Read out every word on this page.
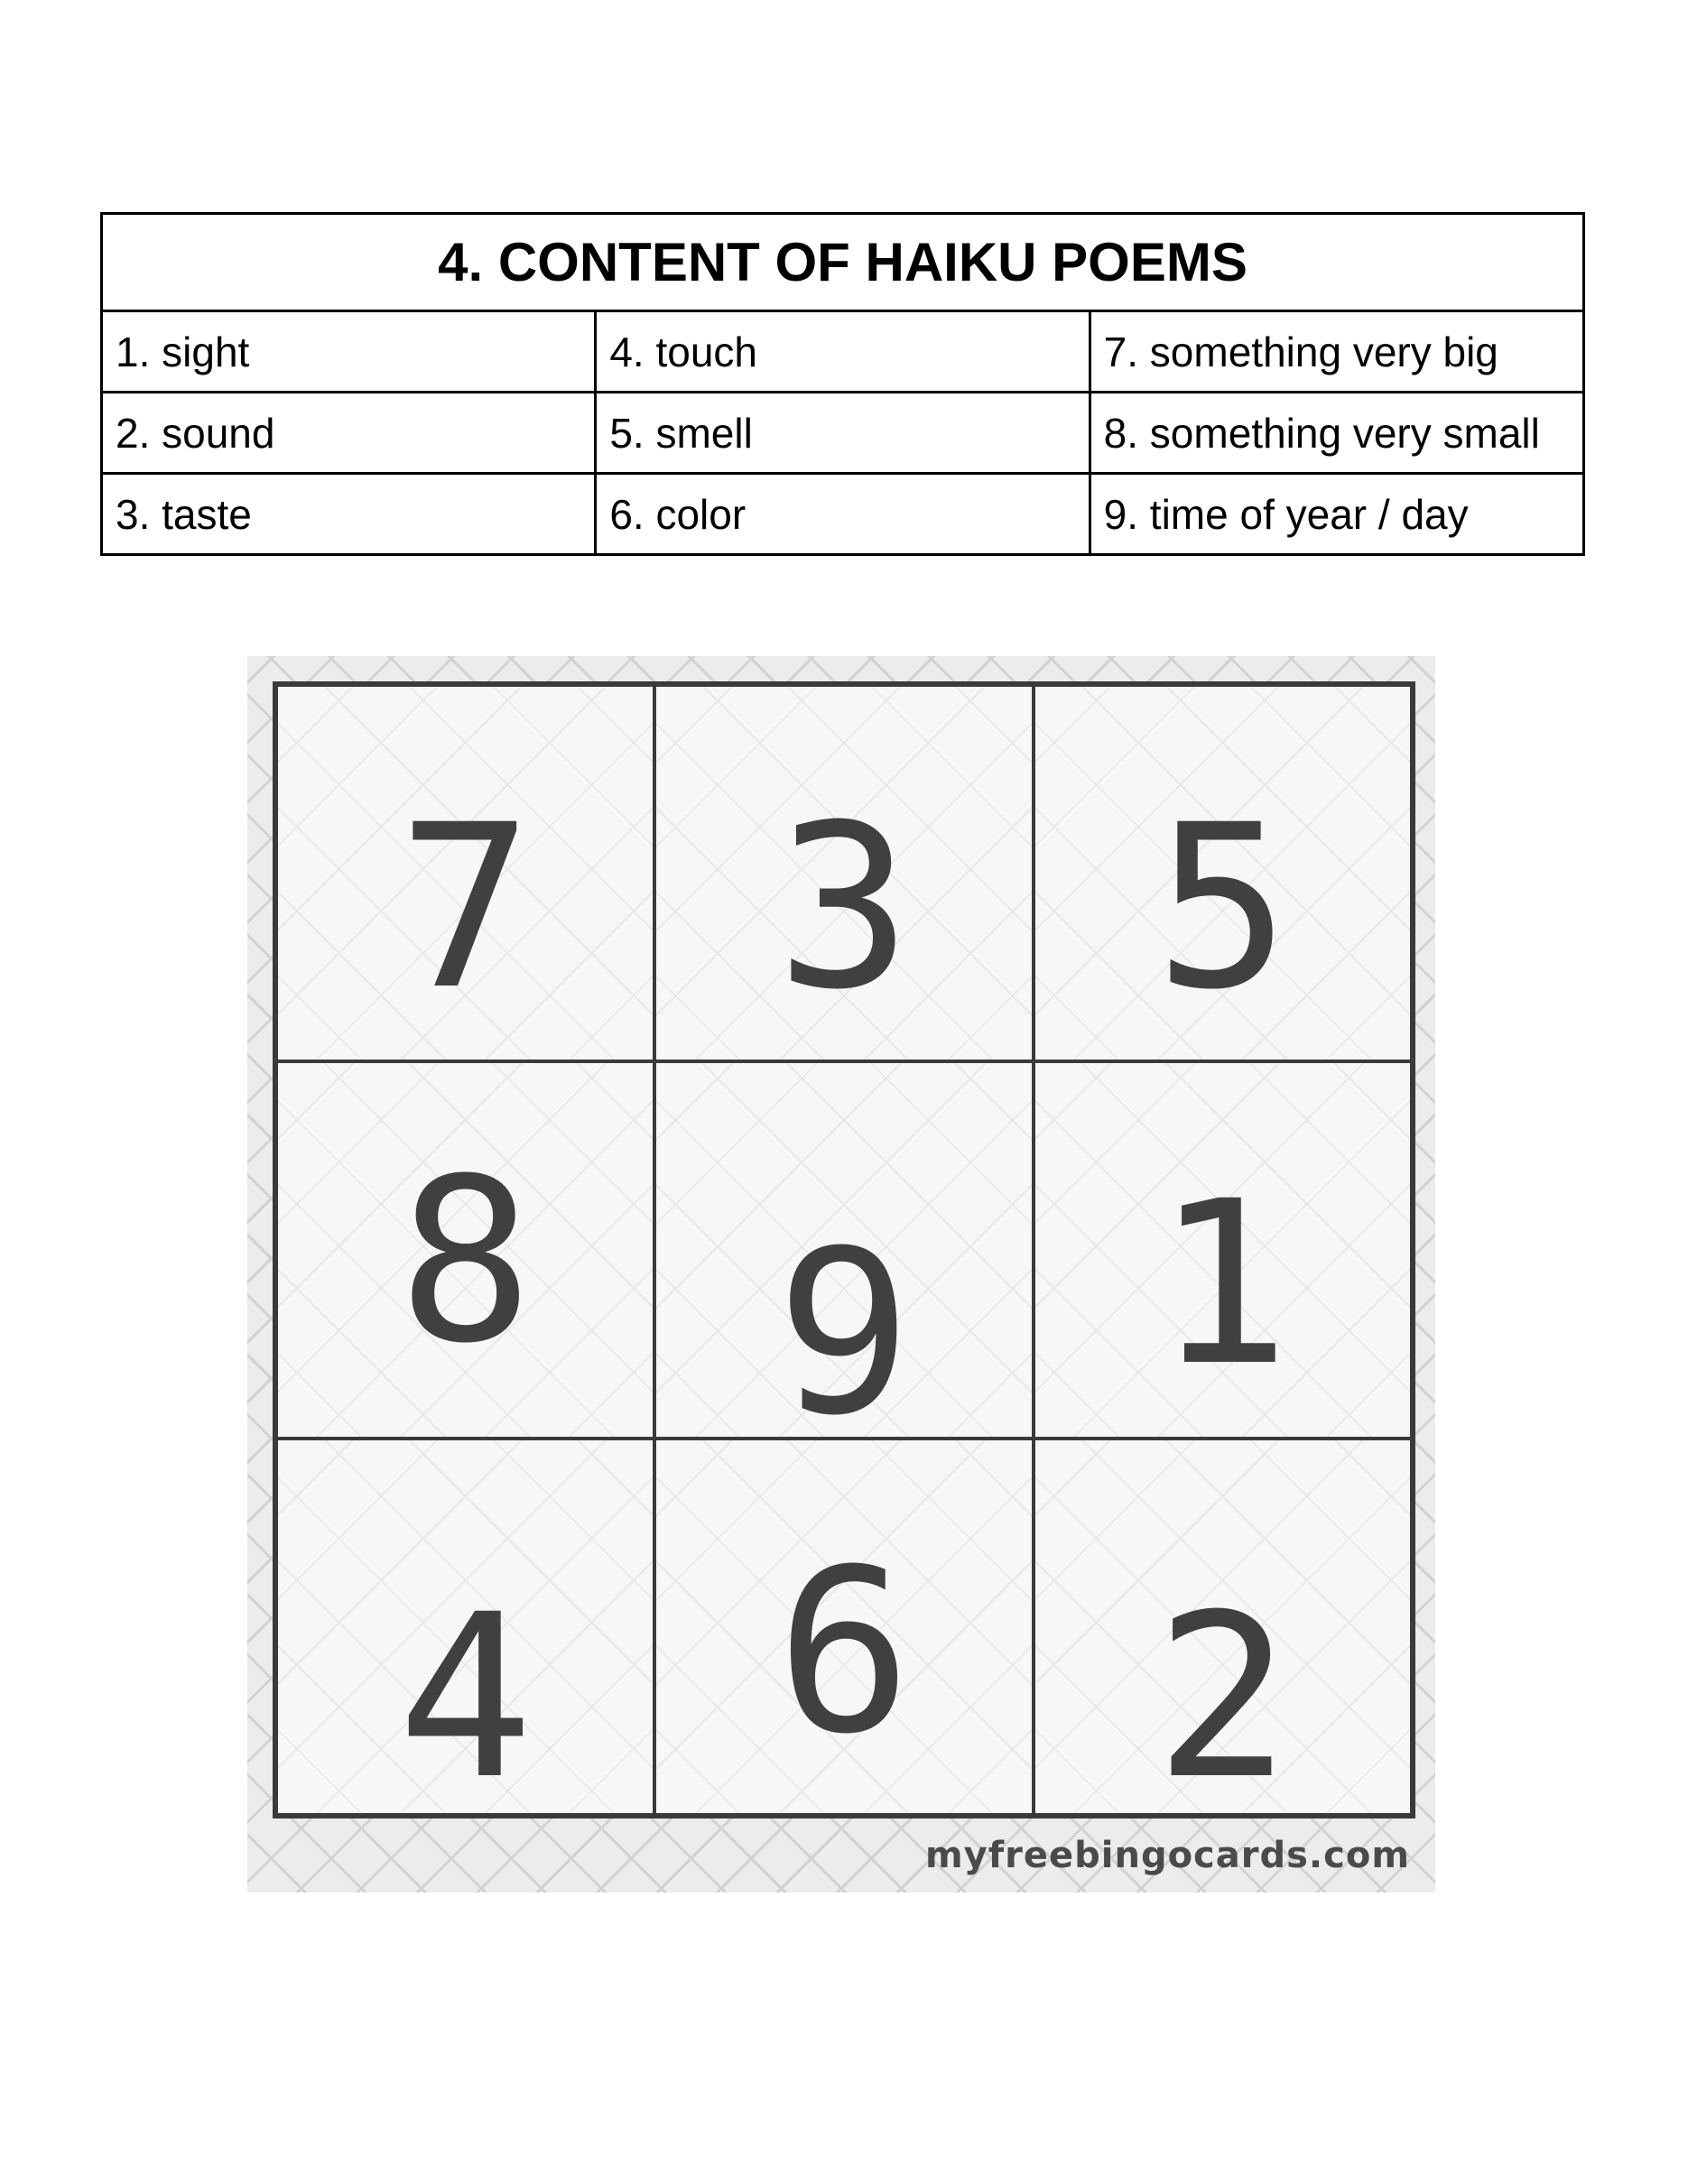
4. CONTENT OF HAIKU POEMS		
1. sight	4. touch	7. something very big
2. sound	5. smell	8. something very small
3. taste	6. color	9. time of year / day
7	3	5
8	9	1
4	6	2
myfreebingocards.com
